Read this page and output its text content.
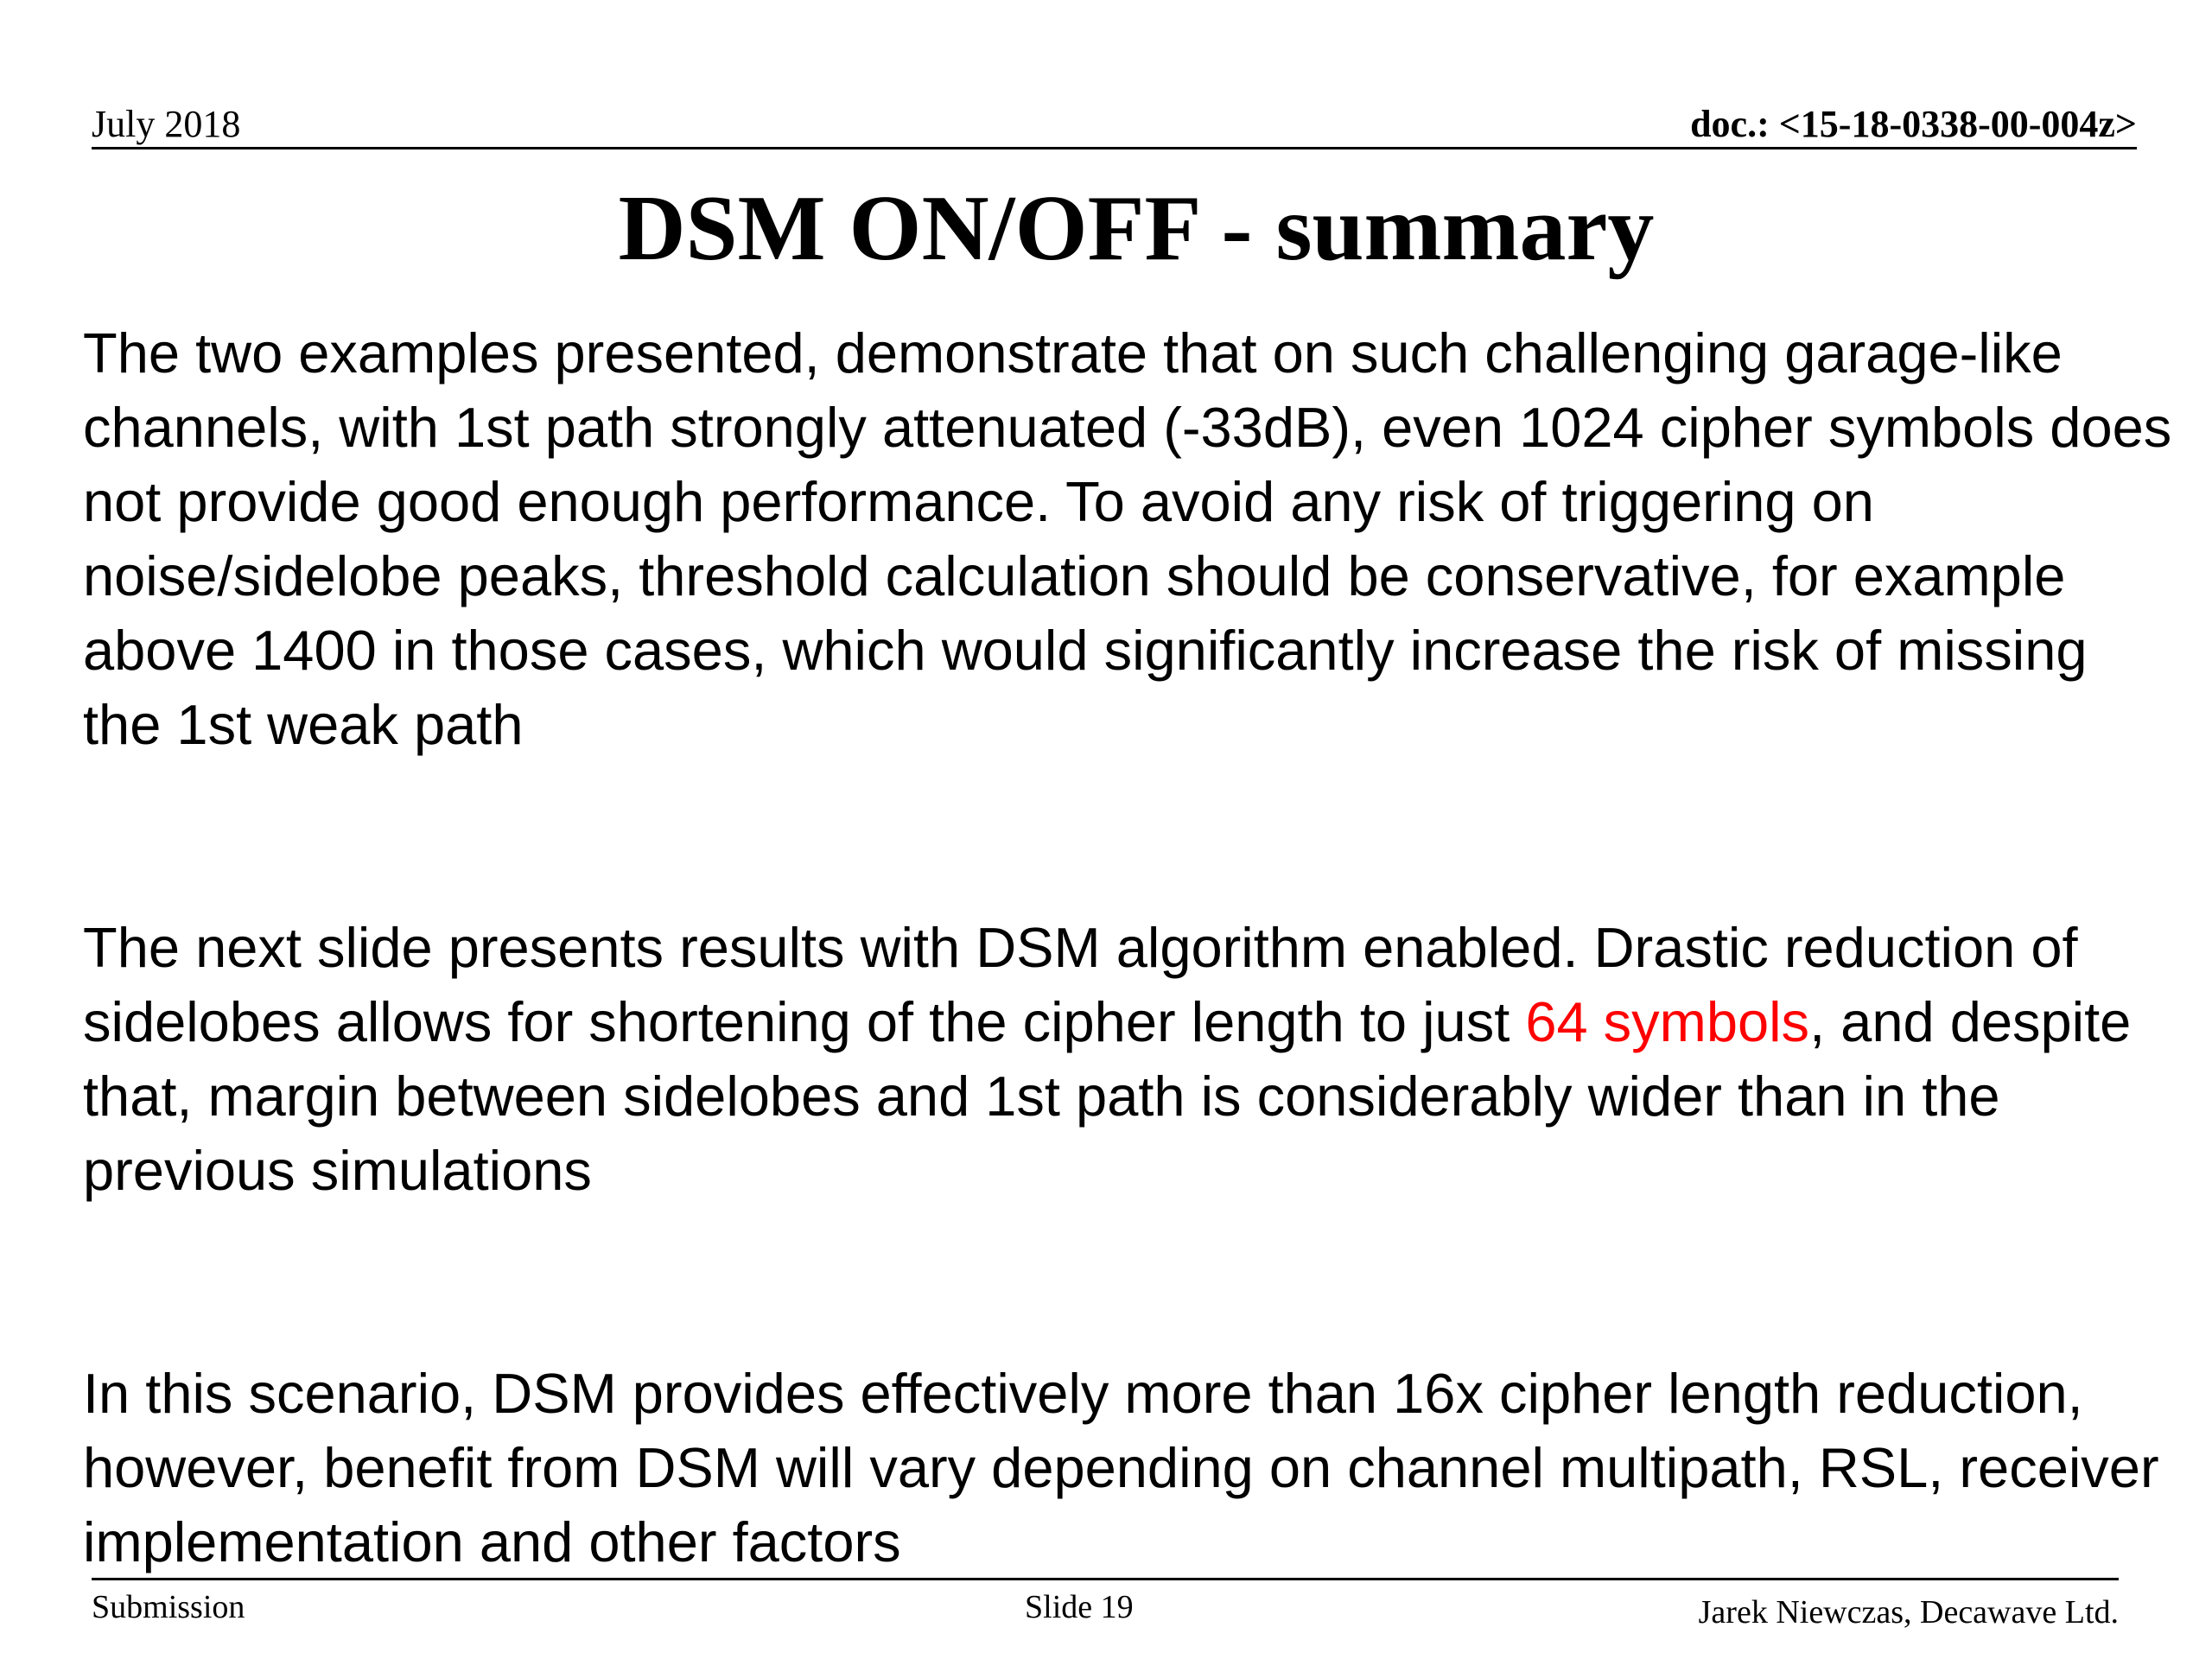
July 2018	doc.: <15-18-0338-00-004z>
DSM ON/OFF - summary

The two examples presented, demonstrate that on such challenging garage-like channels, with 1st path strongly attenuated (-33dB), even 1024 cipher symbols does not provide good enough performance. To avoid any risk of triggering on noise/sidelobe peaks, threshold calculation should be conservative, for example above 1400 in those cases, which would significantly increase the risk of missing the 1st weak path

The next slide presents results with DSM algorithm enabled. Drastic reduction of sidelobes allows for shortening of the cipher length to just 64 symbols, and despite that, margin between sidelobes and 1st path is considerably wider than in the previous simulations

In this scenario, DSM provides effectively more than 16x cipher length reduction, however, benefit from DSM will vary depending on channel multipath, RSL, receiver implementation and other factors

Submission	Slide 19	Jarek Niewczas, Decawave Ltd.
